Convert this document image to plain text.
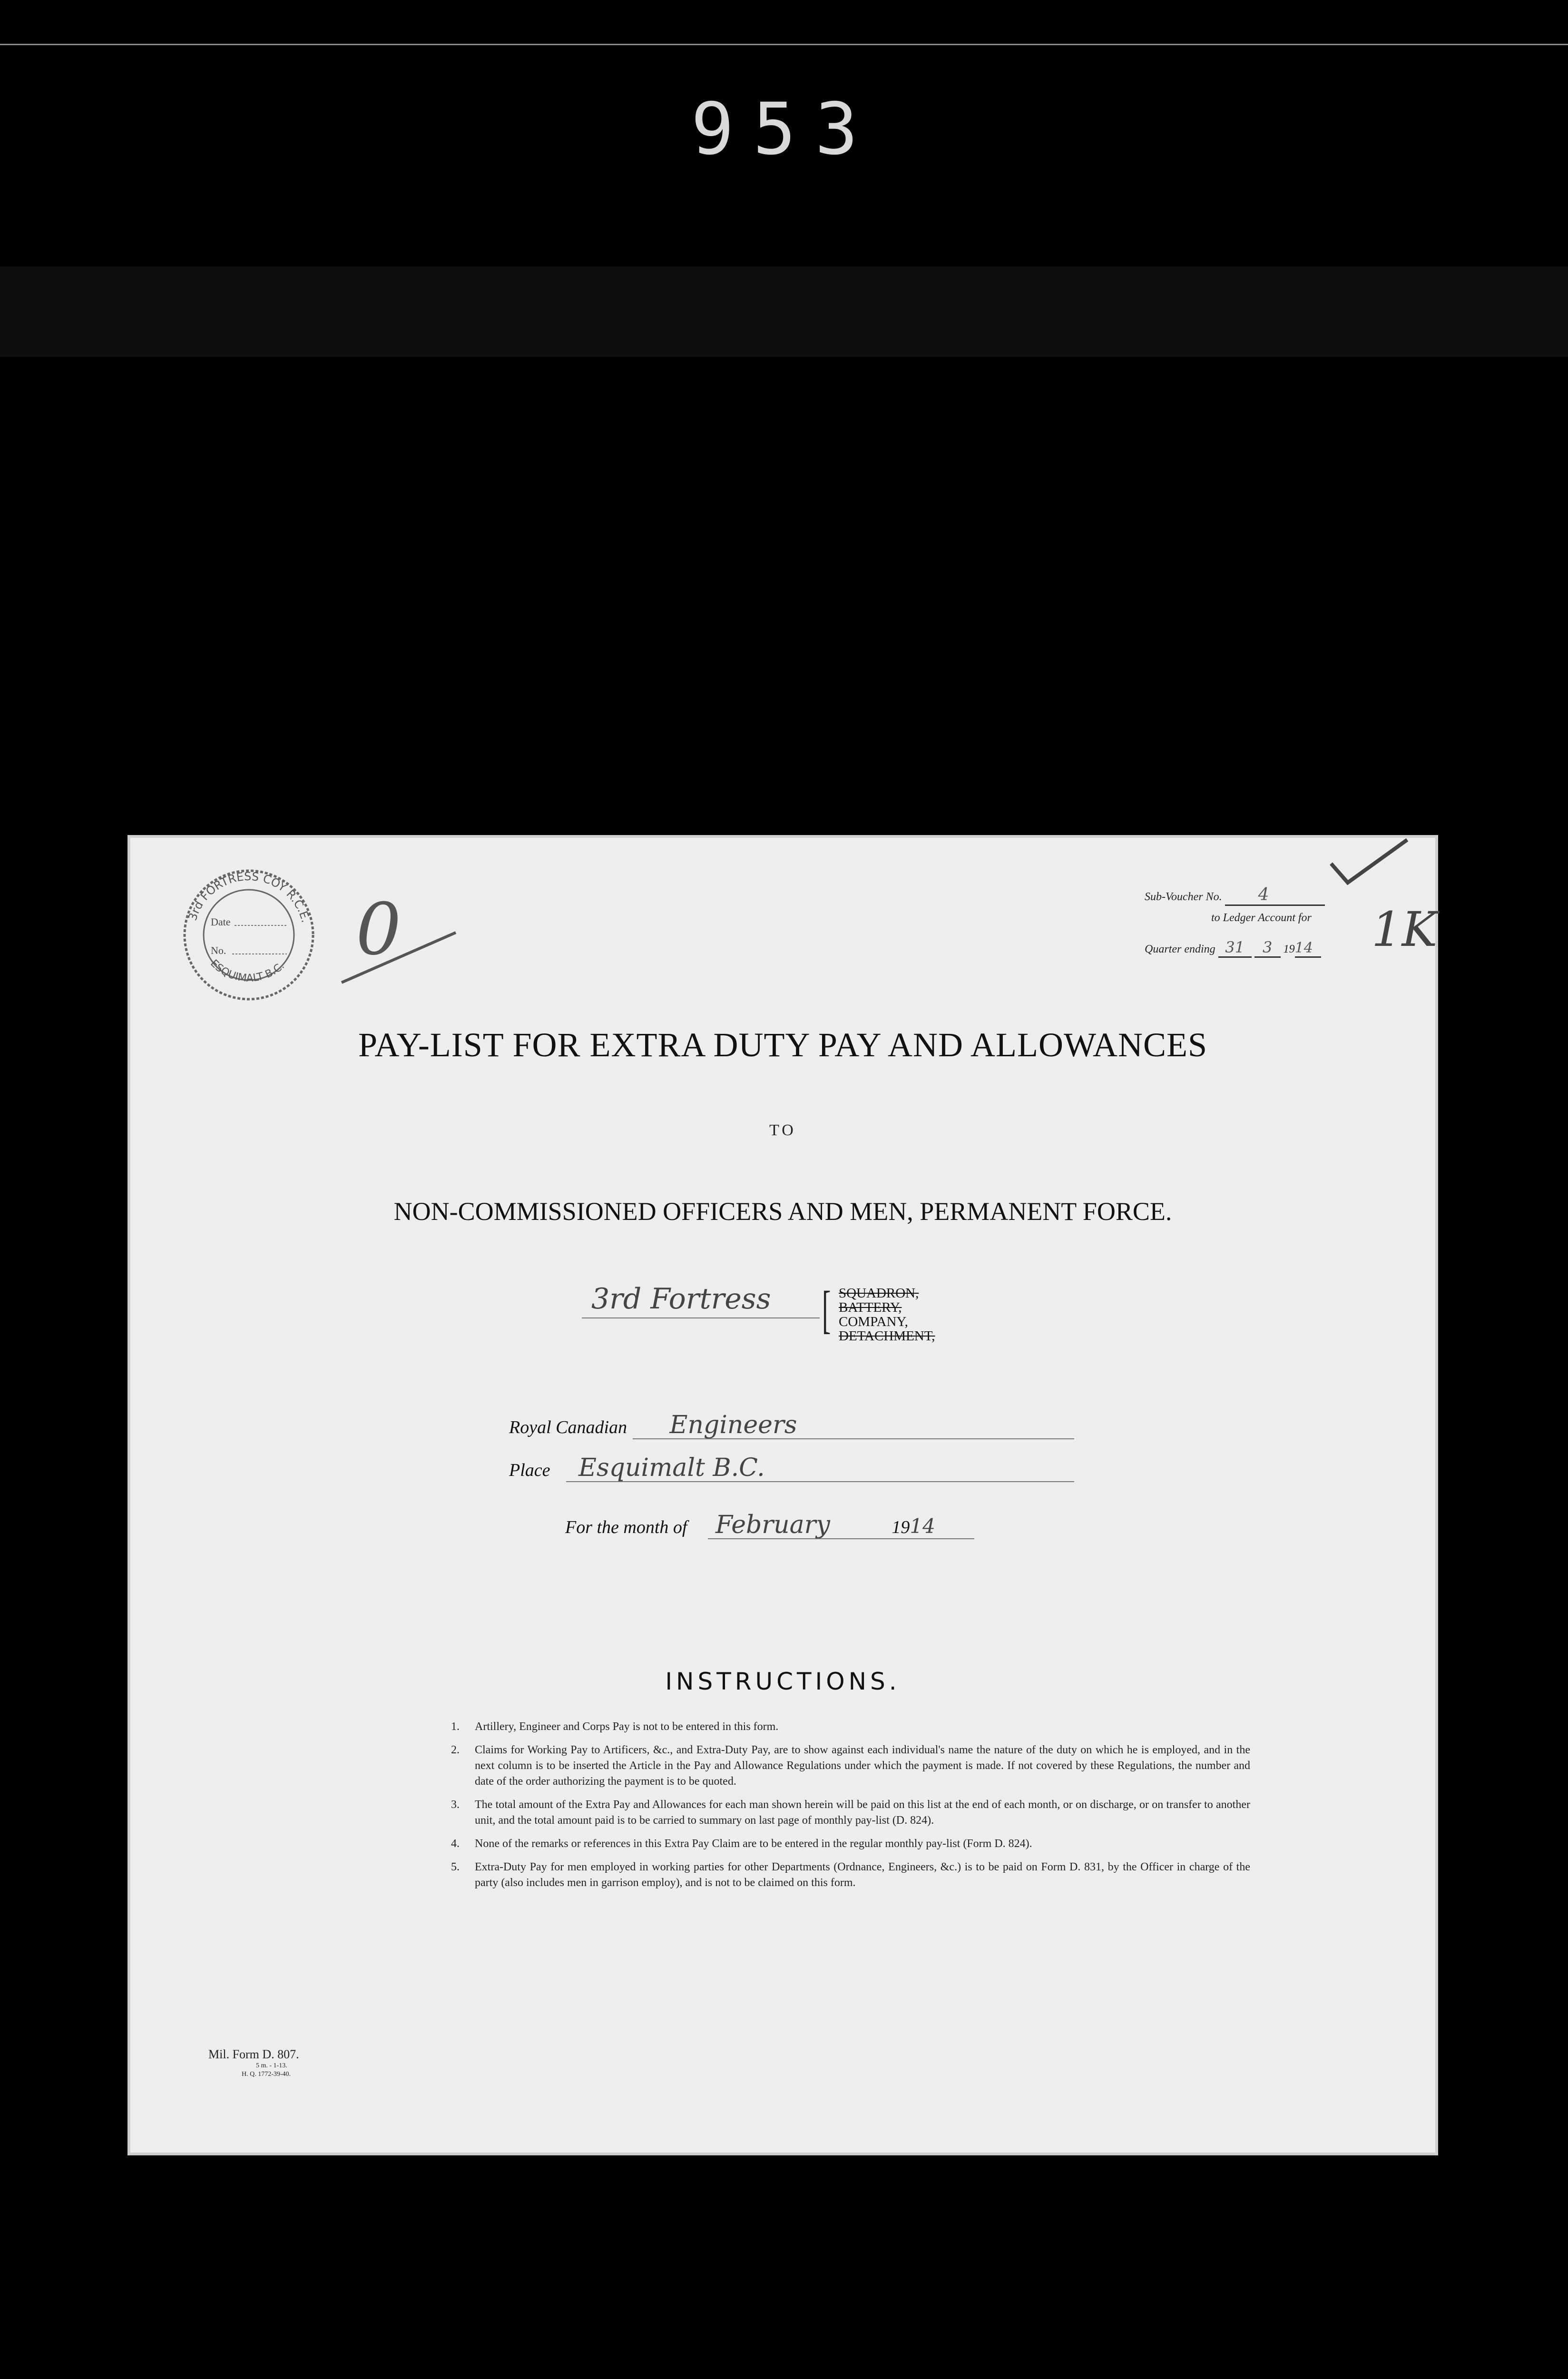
953
3rd FORTRESS COY R.C.E.
ESQUIMALT B.C.
Date
No. 0	1K
Sub-Voucher No. 4
to Ledger Account for
Quarter ending 31 3 1914
PAY-LIST FOR EXTRA DUTY PAY AND ALLOWANCES
TO
NON-COMMISSIONED OFFICERS AND MEN, PERMANENT FORCE.
3rd Fortress [ SQUADRON,
BATTERY,
COMPANY,
DETACHMENT,
Royal Canadian Engineers
Place Esquimalt B.C.
For the month of February	1914
INSTRUCTIONS.
1. Artillery, Engineer and Corps Pay is not to be entered in this form.
2. Claims for Working Pay to Artificers, &c., and Extra-Duty Pay, are to show against each individual's name the nature of the duty on which he is employed, and in the next column is to be inserted the Article in the Pay and Allowance Regulations under which the payment is made. If not covered by these Regulations, the number and date of the order authorizing the payment is to be quoted.
3. The total amount of the Extra Pay and Allowances for each man shown herein will be paid on this list at the end of each month, or on discharge, or on transfer to another unit, and the total amount paid is to be carried to summary on last page of monthly pay-list (D. 824).
4. None of the remarks or references in this Extra Pay Claim are to be entered in the regular monthly pay-list (Form D. 824).
5. Extra-Duty Pay for men employed in working parties for other Departments (Ordnance, Engineers, &c.) is to be paid on Form D. 831, by the Officer in charge of the party (also includes men in garrison employ), and is not to be claimed on this form.
Mil. Form D. 807.
5 m. - 1-13.
H. Q. 1772-39-40.
